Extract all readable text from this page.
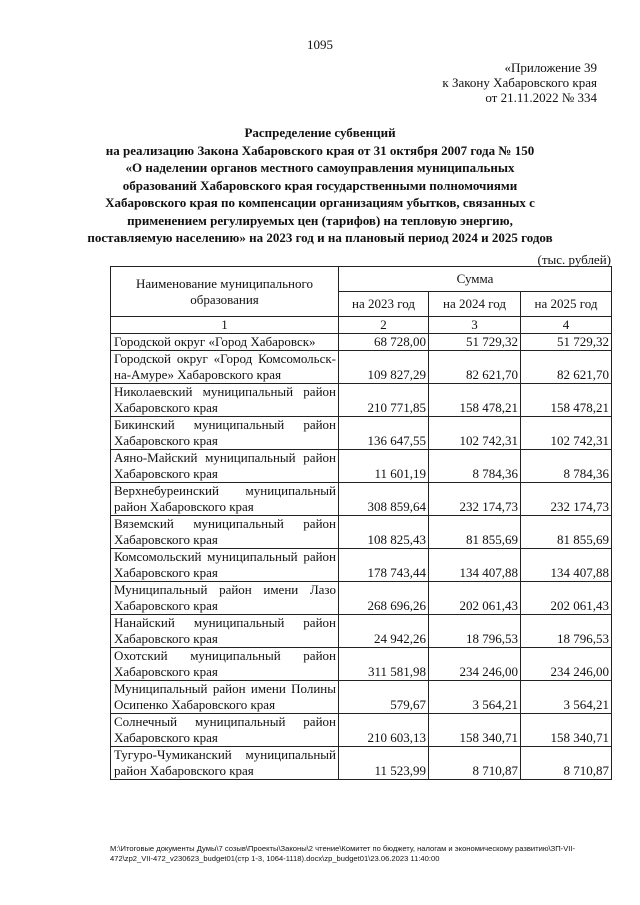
1095
«Приложение 39
к Закону Хабаровского края
от 21.11.2022 № 334
Распределение субвенций
на реализацию Закона Хабаровского края от 31 октября 2007 года № 150
«О наделении органов местного самоуправления муниципальных
образований Хабаровского края государственными полномочиями
Хабаровского края по компенсации организациям убытков, связанных с
применением регулируемых цен (тарифов) на тепловую энергию,
поставляемую населению» на 2023 год и на плановый период 2024 и 2025 годов
(тыс. рублей)
Наименование муниципального образования	Сумма		
	на 2023 год	на 2024 год	на 2025 год
1	2	3	4
Городской округ «Город Хабаровск»	68 728,00	51 729,32	51 729,32
Городской округ «Город Комсомольск-на-Амуре» Хабаровского края	109 827,29	82 621,70	82 621,70
Николаевский муниципальный район Хабаровского края	210 771,85	158 478,21	158 478,21
Бикинский муниципальный район Хабаровского края	136 647,55	102 742,31	102 742,31
Аяно-Майский муниципальный район Хабаровского края	11 601,19	8 784,36	8 784,36
Верхнебуреинский муниципальный район Хабаровского края	308 859,64	232 174,73	232 174,73
Вяземский муниципальный район Хабаровского края	108 825,43	81 855,69	81 855,69
Комсомольский муниципальный район Хабаровского края	178 743,44	134 407,88	134 407,88
Муниципальный район имени Лазо Хабаровского края	268 696,26	202 061,43	202 061,43
Нанайский муниципальный район Хабаровского края	24 942,26	18 796,53	18 796,53
Охотский муниципальный район Хабаровского края	311 581,98	234 246,00	234 246,00
Муниципальный район имени Полины Осипенко Хабаровского края	579,67	3 564,21	3 564,21
Солнечный муниципальный район Хабаровского края	210 603,13	158 340,71	158 340,71
Тугуро-Чумиканский муниципальный район Хабаровского края	11 523,99	8 710,87	8 710,87
M:\Итоговые документы Думы\7 созыв\Проекты\Законы\2 чтение\Комитет по бюджету, налогам и экономическому развитию\ЗП-VII-472\zp2_VII-472_v230623_budget01(стр 1-3, 1064-1118).docx\zp_budget01\23.06.2023 11:40:00
